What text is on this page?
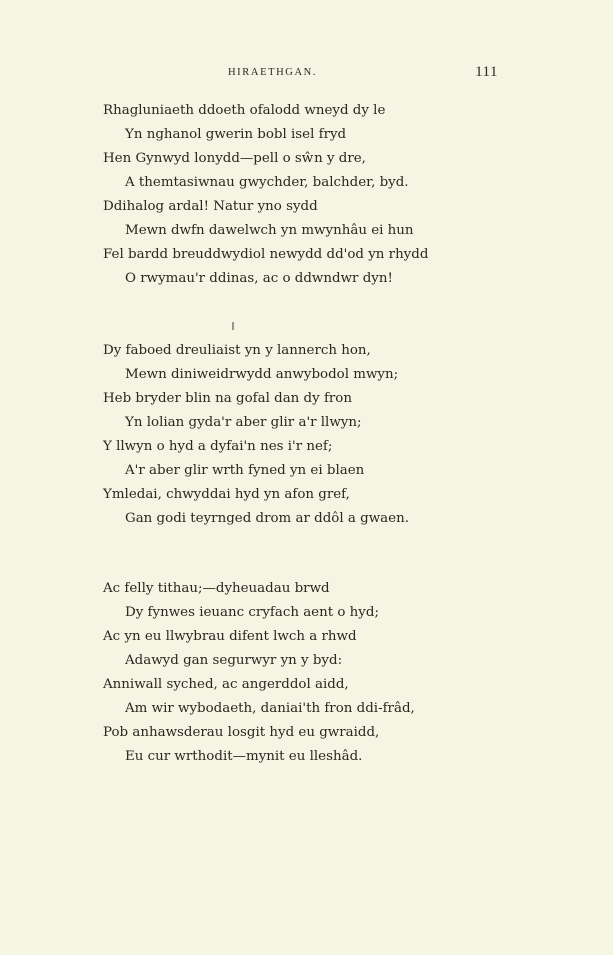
HIRAETHGAN.	111
Rhagluniaeth ddoeth ofalodd wneyd dy le
Yn nghanol gwerin bobl isel fryd
Hen Gynwyd lonydd—pell o sŵn y dre,
A themtasiwnau gwychder, balchder, byd.
Ddihalog ardal! Natur yno sydd
Mewn dwfn dawelwch yn mwynhâu ei hun
Fel bardd breuddwydiol newydd dd'od yn rhydd
O rwymau'r ddinas, ac o ddwndwr dyn!
Dy faboed dreuliaist yn y lannerch hon,
Mewn diniweidrwydd anwybodol mwyn;
Heb bryder blin na gofal dan dy fron
Yn lolian gyda'r aber glir a'r llwyn;
Y llwyn o hyd a dyfai'n nes i'r nef;
A'r aber glir wrth fyned yn ei blaen
Ymledai, chwyddai hyd yn afon gref,
Gan godi teyrnged drom ar ddôl a gwaen.
Ac felly tithau;—dyheuadau brwd
Dy fynwes ieuanc cryfach aent o hyd;
Ac yn eu llwybrau difent lwch a rhwd
Adawyd gan segurwyr yn y byd:
Anniwall syched, ac angerddol aidd,
Am wir wybodaeth, daniai'th fron ddi-frâd,
Pob anhawsderau losgit hyd eu gwraidd,
Eu cur wrthodit—mynit eu lleshâd.
